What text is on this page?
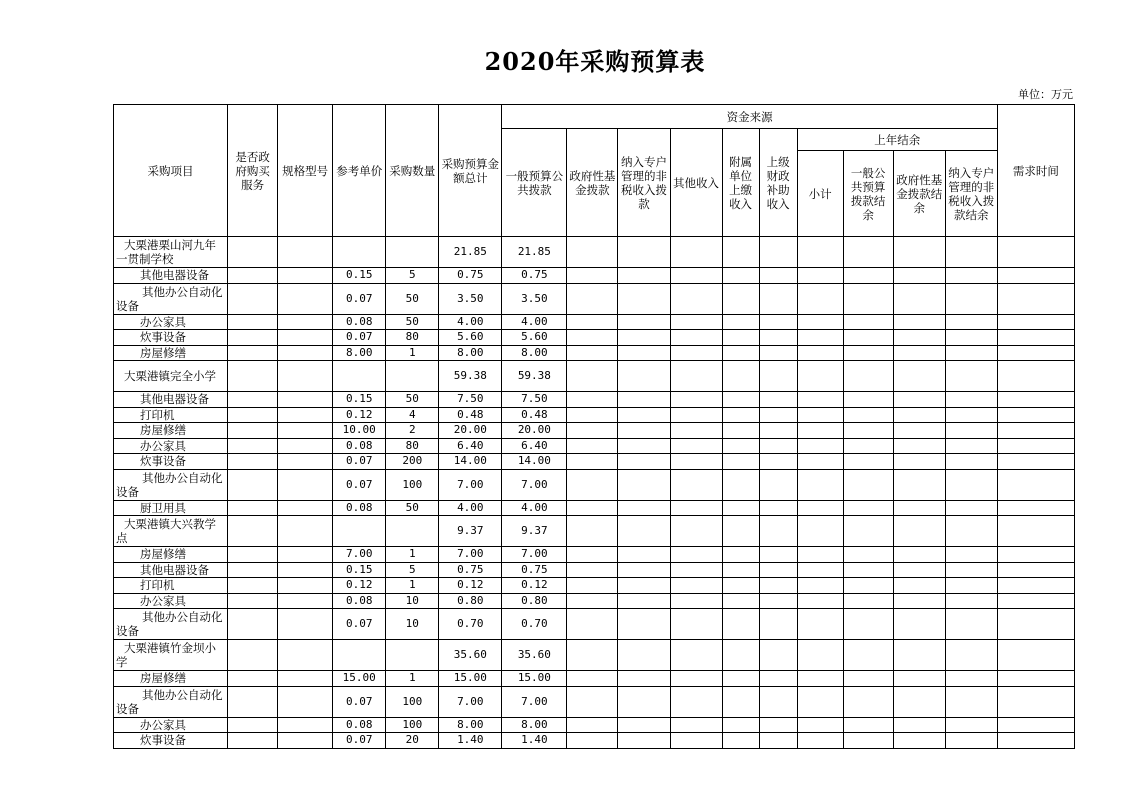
2020年采购预算表
单位：万元
采购项目	是否政府购买服务	规格型号	参考单价	采购数量	采购预算金额总计	资金来源										需求时间
						一般预算公共拨款	政府性基金拨款	纳入专户管理的非税收入拨款	其他收入	附属单位上缴收入	上级财政补助收入	上年结余				
												小计	一般公共预算拨款结余	政府性基金拨款结余	纳入专户管理的非税收入拨款结余	
大栗港栗山河九年一贯制学校					21.85	21.85										
其他电器设备			0.15	5	0.75	0.75										
其他办公自动化设备			0.07	50	3.50	3.50										
办公家具			0.08	50	4.00	4.00										
炊事设备			0.07	80	5.60	5.60										
房屋修缮			8.00	1	8.00	8.00										
大栗港镇完全小学					59.38	59.38										
其他电器设备			0.15	50	7.50	7.50										
打印机			0.12	4	0.48	0.48										
房屋修缮			10.00	2	20.00	20.00										
办公家具			0.08	80	6.40	6.40										
炊事设备			0.07	200	14.00	14.00										
其他办公自动化设备			0.07	100	7.00	7.00										
厨卫用具			0.08	50	4.00	4.00										
大栗港镇大兴教学点					9.37	9.37										
房屋修缮			7.00	1	7.00	7.00										
其他电器设备			0.15	5	0.75	0.75										
打印机			0.12	1	0.12	0.12										
办公家具			0.08	10	0.80	0.80										
其他办公自动化设备			0.07	10	0.70	0.70										
大栗港镇竹金坝小学					35.60	35.60										
房屋修缮			15.00	1	15.00	15.00										
其他办公自动化设备			0.07	100	7.00	7.00										
办公家具			0.08	100	8.00	8.00										
炊事设备			0.07	20	1.40	1.40										
